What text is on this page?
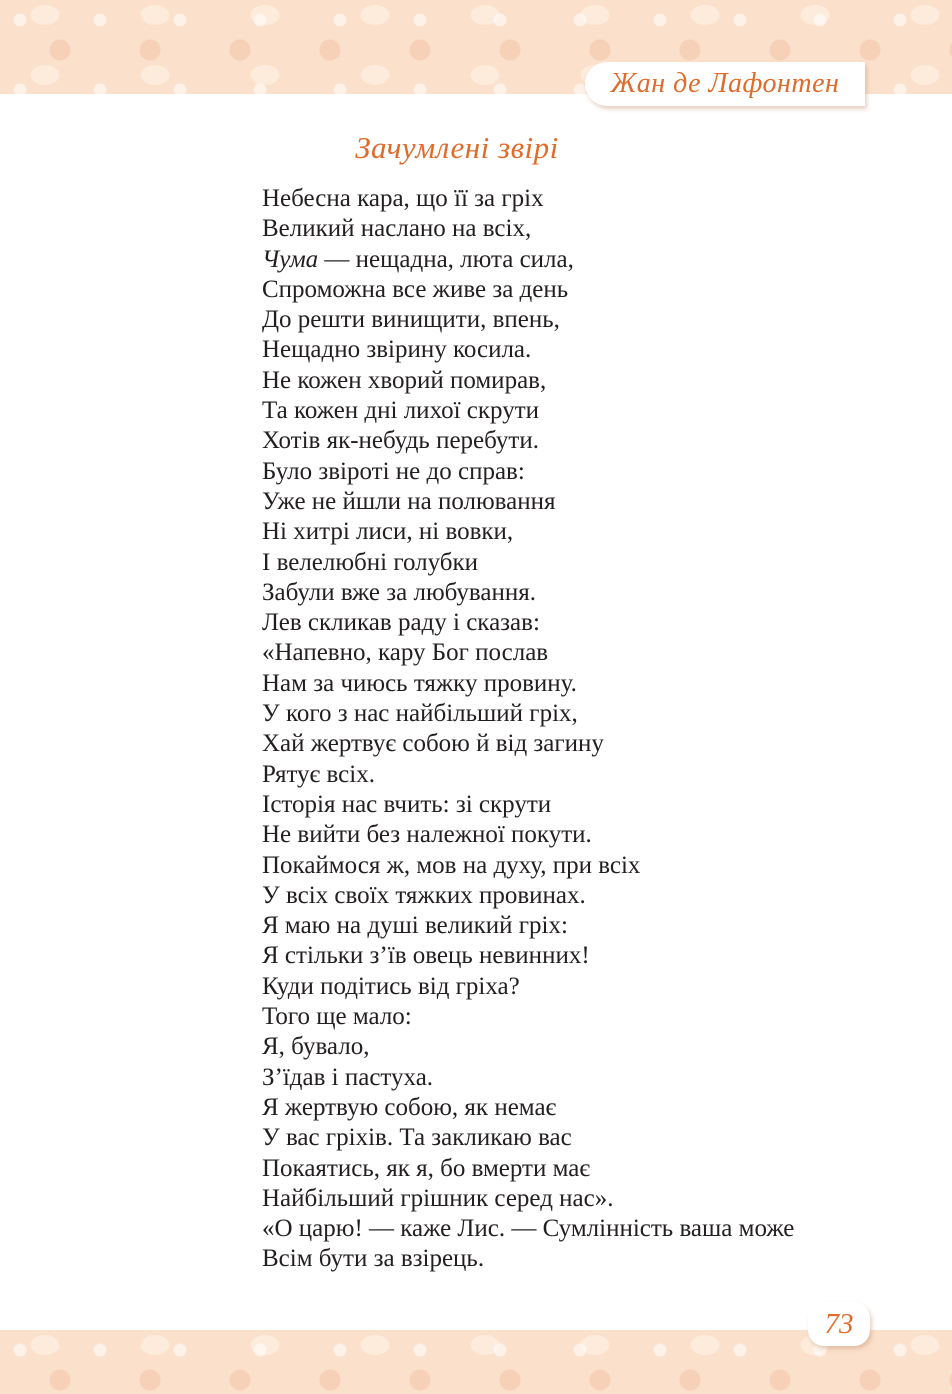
Жан де Лафонтен
Зачумлені звірі
Небесна кара, що її за гріх
Великий наслано на всіх,
Чума — нещадна, люта сила,
Спроможна все живе за день
До решти винищити, впень,
Нещадно звірину косила.
Не кожен хворий помирав,
Та кожен дні лихої скрути
Хотів як-небудь перебути.
Було звіроті не до справ:
Уже не йшли на полювання
Ні хитрі лиси, ні вовки,
І велелюбні голубки
Забули вже за любування.
Лев скликав раду і сказав:
«Напевно, кару Бог послав
Нам за чиюсь тяжку провину.
У кого з нас найбільший гріх,
Хай жертвує собою й від загину
Рятує всіх.
Історія нас вчить: зі скрути
Не вийти без належної покути.
Покаймося ж, мов на духу, при всіх
У всіх своїх тяжких провинах.
Я маю на душі великий гріх:
Я стільки з’їв овець невинних!
Куди подітись від гріха?
Того ще мало:
Я, бувало,
З’їдав і пастуха.
Я жертвую собою, як немає
У вас гріхів. Та закликаю вас
Покаятись, як я, бо вмерти має
Найбільший грішник серед нас».
«О царю! — каже Лис. — Сумлінність ваша може
Всім бути за взірець.
73
